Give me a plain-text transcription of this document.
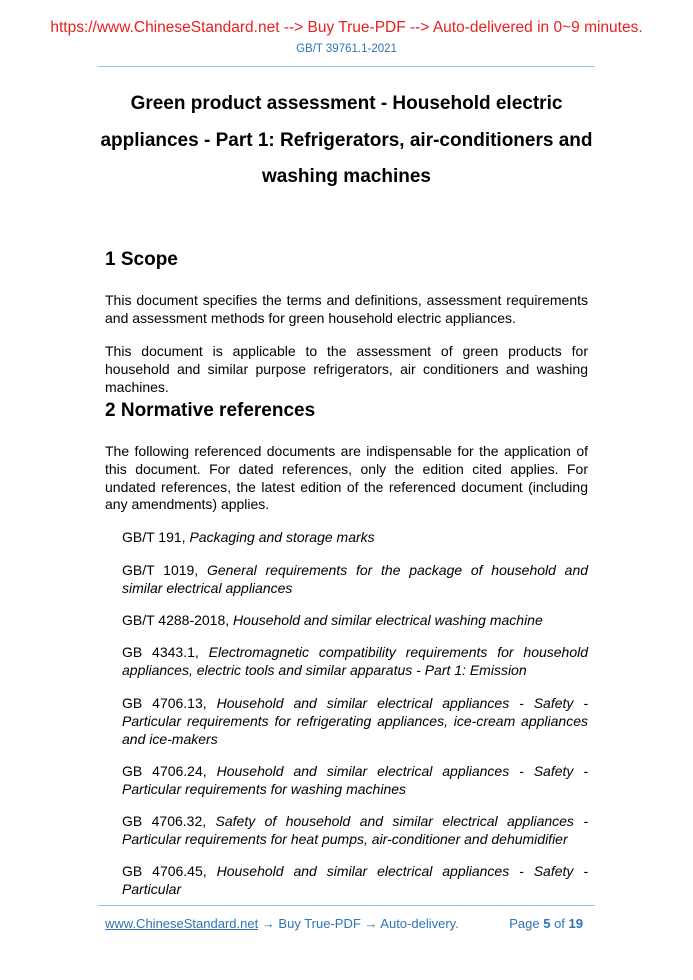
https://www.ChineseStandard.net --> Buy True-PDF --> Auto-delivered in 0~9 minutes.
GB/T 39761.1-2021
Green product assessment - Household electric appliances - Part 1: Refrigerators, air-conditioners and washing machines
1 Scope
This document specifies the terms and definitions, assessment requirements and assessment methods for green household electric appliances.
This document is applicable to the assessment of green products for household and similar purpose refrigerators, air conditioners and washing machines.
2 Normative references
The following referenced documents are indispensable for the application of this document. For dated references, only the edition cited applies. For undated references, the latest edition of the referenced document (including any amendments) applies.
GB/T 191, Packaging and storage marks
GB/T 1019, General requirements for the package of household and similar electrical appliances
GB/T 4288-2018, Household and similar electrical washing machine
GB 4343.1, Electromagnetic compatibility requirements for household appliances, electric tools and similar apparatus - Part 1: Emission
GB 4706.13, Household and similar electrical appliances - Safety - Particular requirements for refrigerating appliances, ice-cream appliances and ice-makers
GB 4706.24, Household and similar electrical appliances - Safety - Particular requirements for washing machines
GB 4706.32, Safety of household and similar electrical appliances - Particular requirements for heat pumps, air-conditioner and dehumidifier
GB 4706.45, Household and similar electrical appliances - Safety - Particular
www.ChineseStandard.net → Buy True-PDF → Auto-delivery.	Page 5 of 19
